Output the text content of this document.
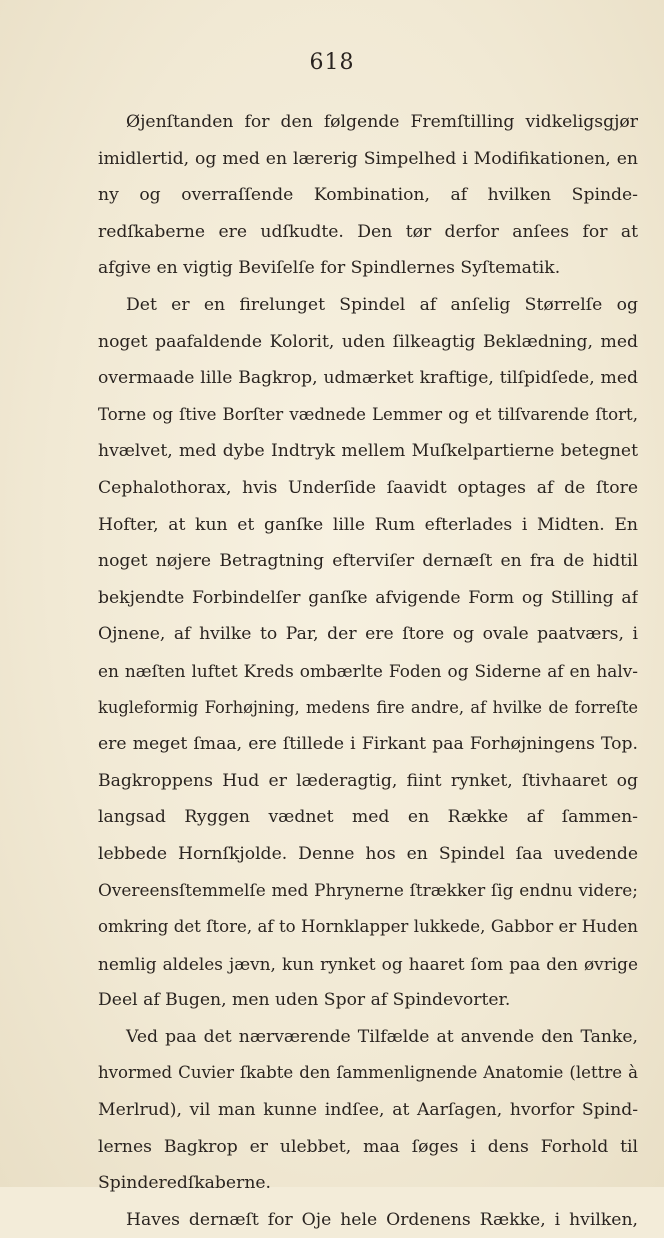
618
Øjenſtanden for den følgende Fremſtilling vidkeligsgjør
imidlertid, og med en lærerig Simpelhed i Modifikationen, en
ny og overraſſende Kombination, af hvilken Spinde-
redſkaberne ere udſkudte. Den tør derfor anſees for at
afgive en vigtig Beviſelſe for Spindlernes Syſtematik.
Det er en firelunget Spindel af anſelig Størrelſe og
noget paafaldende Kolorit, uden ſilkeagtig Beklædning, med
overmaade lille Bagkrop, udmærket kraftige, tilſpidſede, med
Torne og ſtive Borſter vædnede Lemmer og et tilſvarende ſtort,
hvælvet, med dybe Indtryk mellem Muſkelpartierne betegnet
Cephalothorax, hvis Underſide ſaavidt optages af de ſtore
Hofter, at kun et ganſke lille Rum efterlades i Midten. En
noget nøjere Betragtning efterviſer dernæſt en fra de hidtil
bekjendte Forbindelſer ganſke afvigende Form og Stilling af
Ojnene, af hvilke to Par, der ere ſtore og ovale paatværs, i
en næſten luftet Kreds ombærlte Foden og Siderne af en halv-
kugleformig Forhøjning, medens fire andre, af hvilke de forreſte
ere meget ſmaa, ere ſtillede i Firkant paa Forhøjningens Top.
Bagkroppens Hud er læderagtig, fiint rynket, ſtivhaaret og
langsad Ryggen vædnet med en Række af ſammen-
lebbede Hornſkjolde. Denne hos en Spindel ſaa uvedende
Overeensſtemmelſe med Phrynerne ſtrækker ſig endnu videre;
omkring det ſtore, af to Hornklapper lukkede, Gabbor er Huden
nemlig aldeles jævn, kun rynket og haaret ſom paa den øvrige
Deel af Bugen, men uden Spor af Spindevorter.
Ved paa det nærværende Tilfælde at anvende den Tanke,
hvormed Cuvier ſkabte den ſammenlignende Anatomie (lettre à
Merlrud), vil man kunne indſee, at Aarſagen, hvorfor Spind-
lernes Bagkrop er ulebbet, maa ſøges i dens Forhold til
Spinderedſkaberne.
Haves dernæſt for Oje hele Ordenens Række, i hvilken,
